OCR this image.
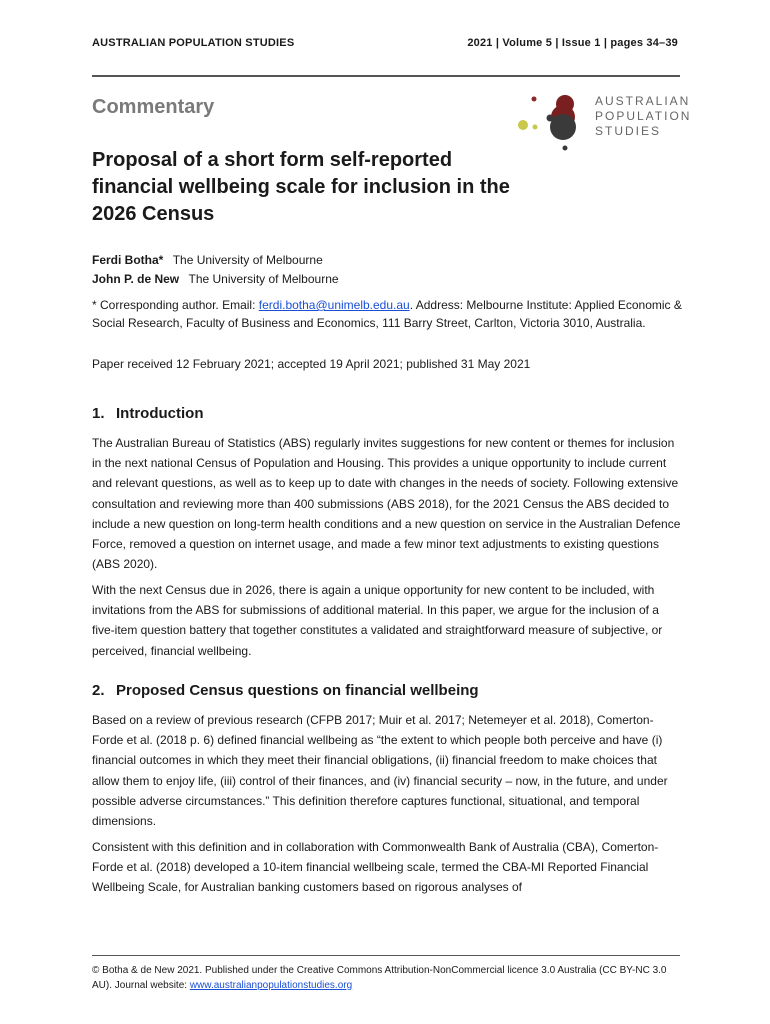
AUSTRALIAN POPULATION STUDIES	2021 | Volume 5 | Issue 1 | pages 34–39
Commentary	AUSTRALIAN
POPULATION
STUDIES
Proposal of a short form self-reported financial wellbeing scale for inclusion in the 2026 Census
Ferdi Botha* The University of Melbourne
John P. de New The University of Melbourne
* Corresponding author. Email: ferdi.botha@unimelb.edu.au. Address: Melbourne Institute: Applied Economic & Social Research, Faculty of Business and Economics, 111 Barry Street, Carlton, Victoria 3010, Australia.
Paper received 12 February 2021; accepted 19 April 2021; published 31 May 2021
1. Introduction

The Australian Bureau of Statistics (ABS) regularly invites suggestions for new content or themes for inclusion in the next national Census of Population and Housing. This provides a unique opportunity to include current and relevant questions, as well as to keep up to date with changes in the needs of society. Following extensive consultation and reviewing more than 400 submissions (ABS 2018), for the 2021 Census the ABS decided to include a new question on long-term health conditions and a new question on service in the Australian Defence Force, removed a question on internet usage, and made a few minor text adjustments to existing questions (ABS 2020).

With the next Census due in 2026, there is again a unique opportunity for new content to be included, with invitations from the ABS for submissions of additional material. In this paper, we argue for the inclusion of a five-item question battery that together constitutes a validated and straightforward measure of subjective, or perceived, financial wellbeing.

2. Proposed Census questions on financial wellbeing

Based on a review of previous research (CFPB 2017; Muir et al. 2017; Netemeyer et al. 2018), Comerton-Forde et al. (2018 p. 6) defined financial wellbeing as “the extent to which people both perceive and have (i) financial outcomes in which they meet their financial obligations, (ii) financial freedom to make choices that allow them to enjoy life, (iii) control of their finances, and (iv) financial security – now, in the future, and under possible adverse circumstances.” This definition therefore captures functional, situational, and temporal dimensions.

Consistent with this definition and in collaboration with Commonwealth Bank of Australia (CBA), Comerton-Forde et al. (2018) developed a 10-item financial wellbeing scale, termed the CBA-MI Reported Financial Wellbeing Scale, for Australian banking customers based on rigorous analyses of

© Botha & de New 2021. Published under the Creative Commons Attribution-NonCommercial licence 3.0 Australia (CC BY-NC 3.0 AU). Journal website: www.australianpopulationstudies.org
